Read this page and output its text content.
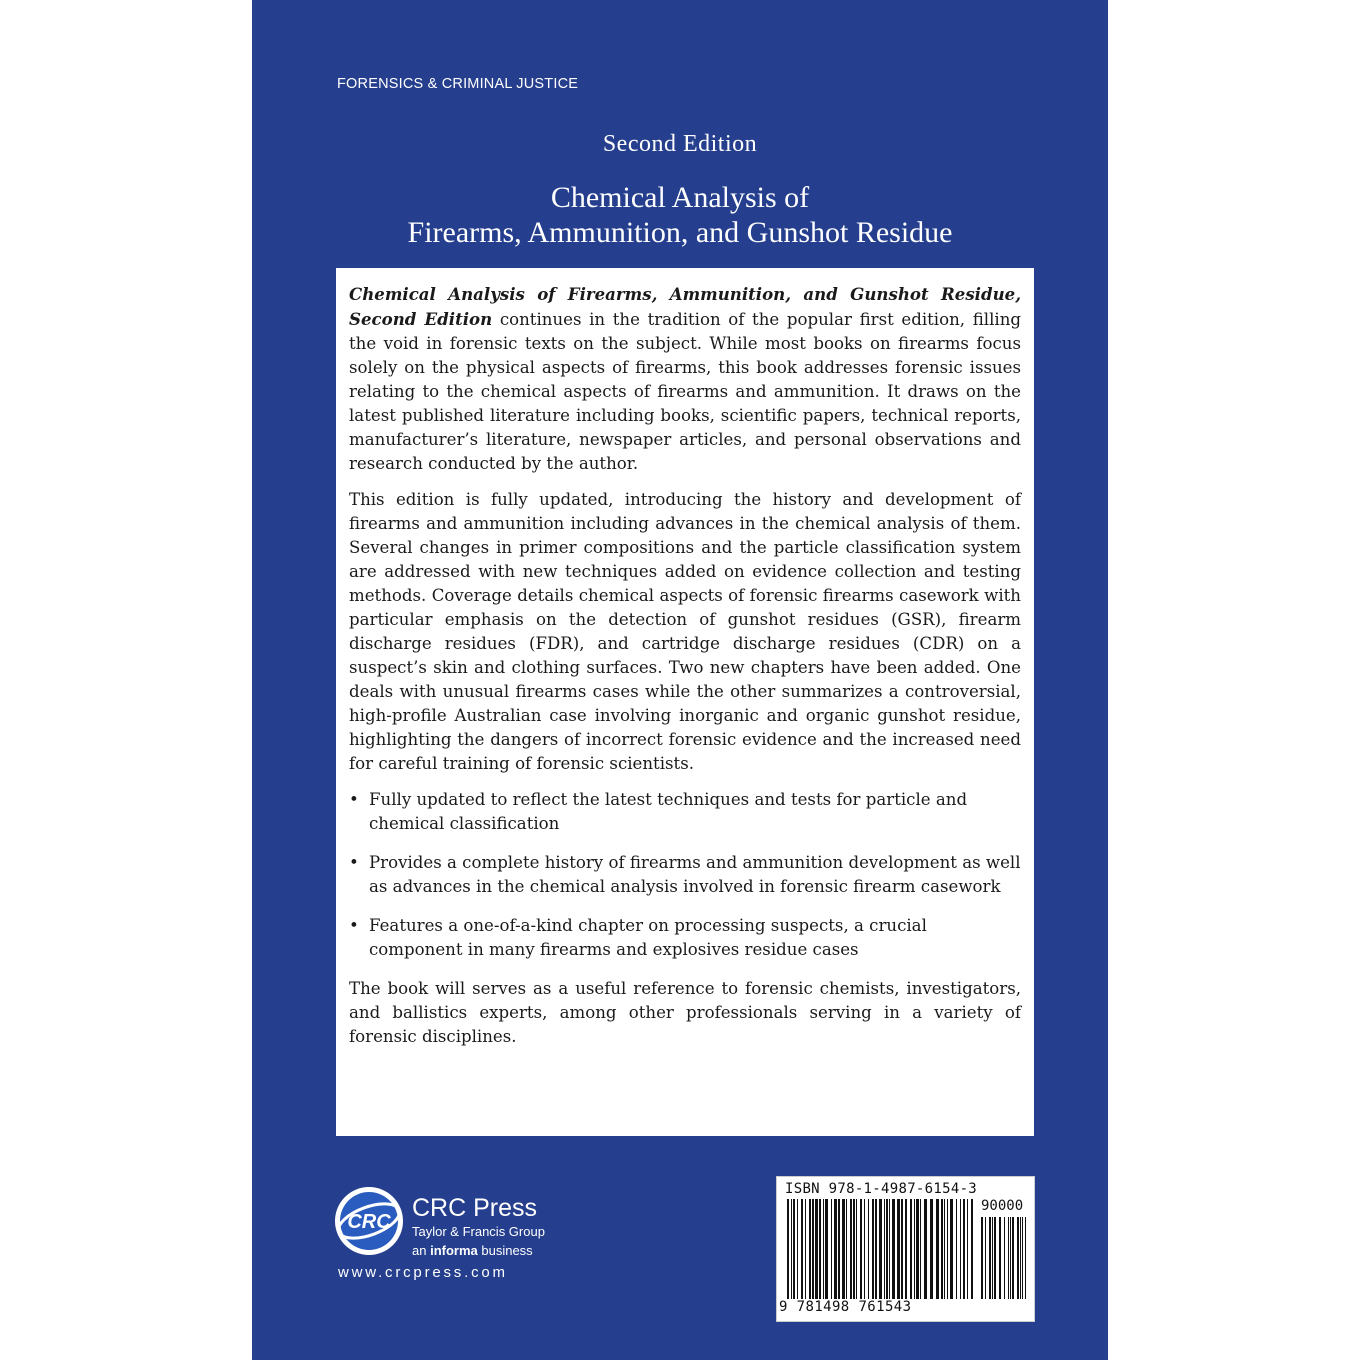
FORENSICS & CRIMINAL JUSTICE
Second Edition
Chemical Analysis of
Firearms, Ammunition, and Gunshot Residue

Chemical Analysis of Firearms, Ammunition, and Gunshot Residue, Second Edition continues in the tradition of the popular first edition, filling the void in forensic texts on the subject. While most books on firearms focus solely on the physical aspects of firearms, this book addresses forensic issues relating to the chemical aspects of firearms and ammunition. It draws on the latest published literature including books, scientific papers, technical reports, manufacturer’s literature, newspaper articles, and personal observations and research conducted by the author.

This edition is fully updated, introducing the history and development of firearms and ammunition including advances in the chemical analysis of them. Several changes in primer compositions and the particle classification system are addressed with new techniques added on evidence collection and testing methods. Coverage details chemical aspects of forensic firearms casework with particular emphasis on the detection of gunshot residues (GSR), firearm discharge residues (FDR), and cartridge discharge residues (CDR) on a suspect’s skin and clothing surfaces. Two new chapters have been added. One deals with unusual firearms cases while the other summarizes a controversial, high-profile Australian case involving inorganic and organic gunshot residue, highlighting the dangers of incorrect forensic evidence and the increased need for careful training of forensic scientists.

• Fully updated to reflect the latest techniques and tests for particle and chemical classification
• Provides a complete history of firearms and ammunition development as well as advances in the chemical analysis involved in forensic firearm casework
• Features a one-of-a-kind chapter on processing suspects, a crucial component in many firearms and explosives residue cases

The book will serves as a useful reference to forensic chemists, investigators, and ballistics experts, among other professionals serving in a variety of forensic disciplines.

CRC CRC Press
Taylor & Francis Group
an informa business
www.crcpress.com
ISBN 978-1-4987-6154-3
90000
9 781498 761543
